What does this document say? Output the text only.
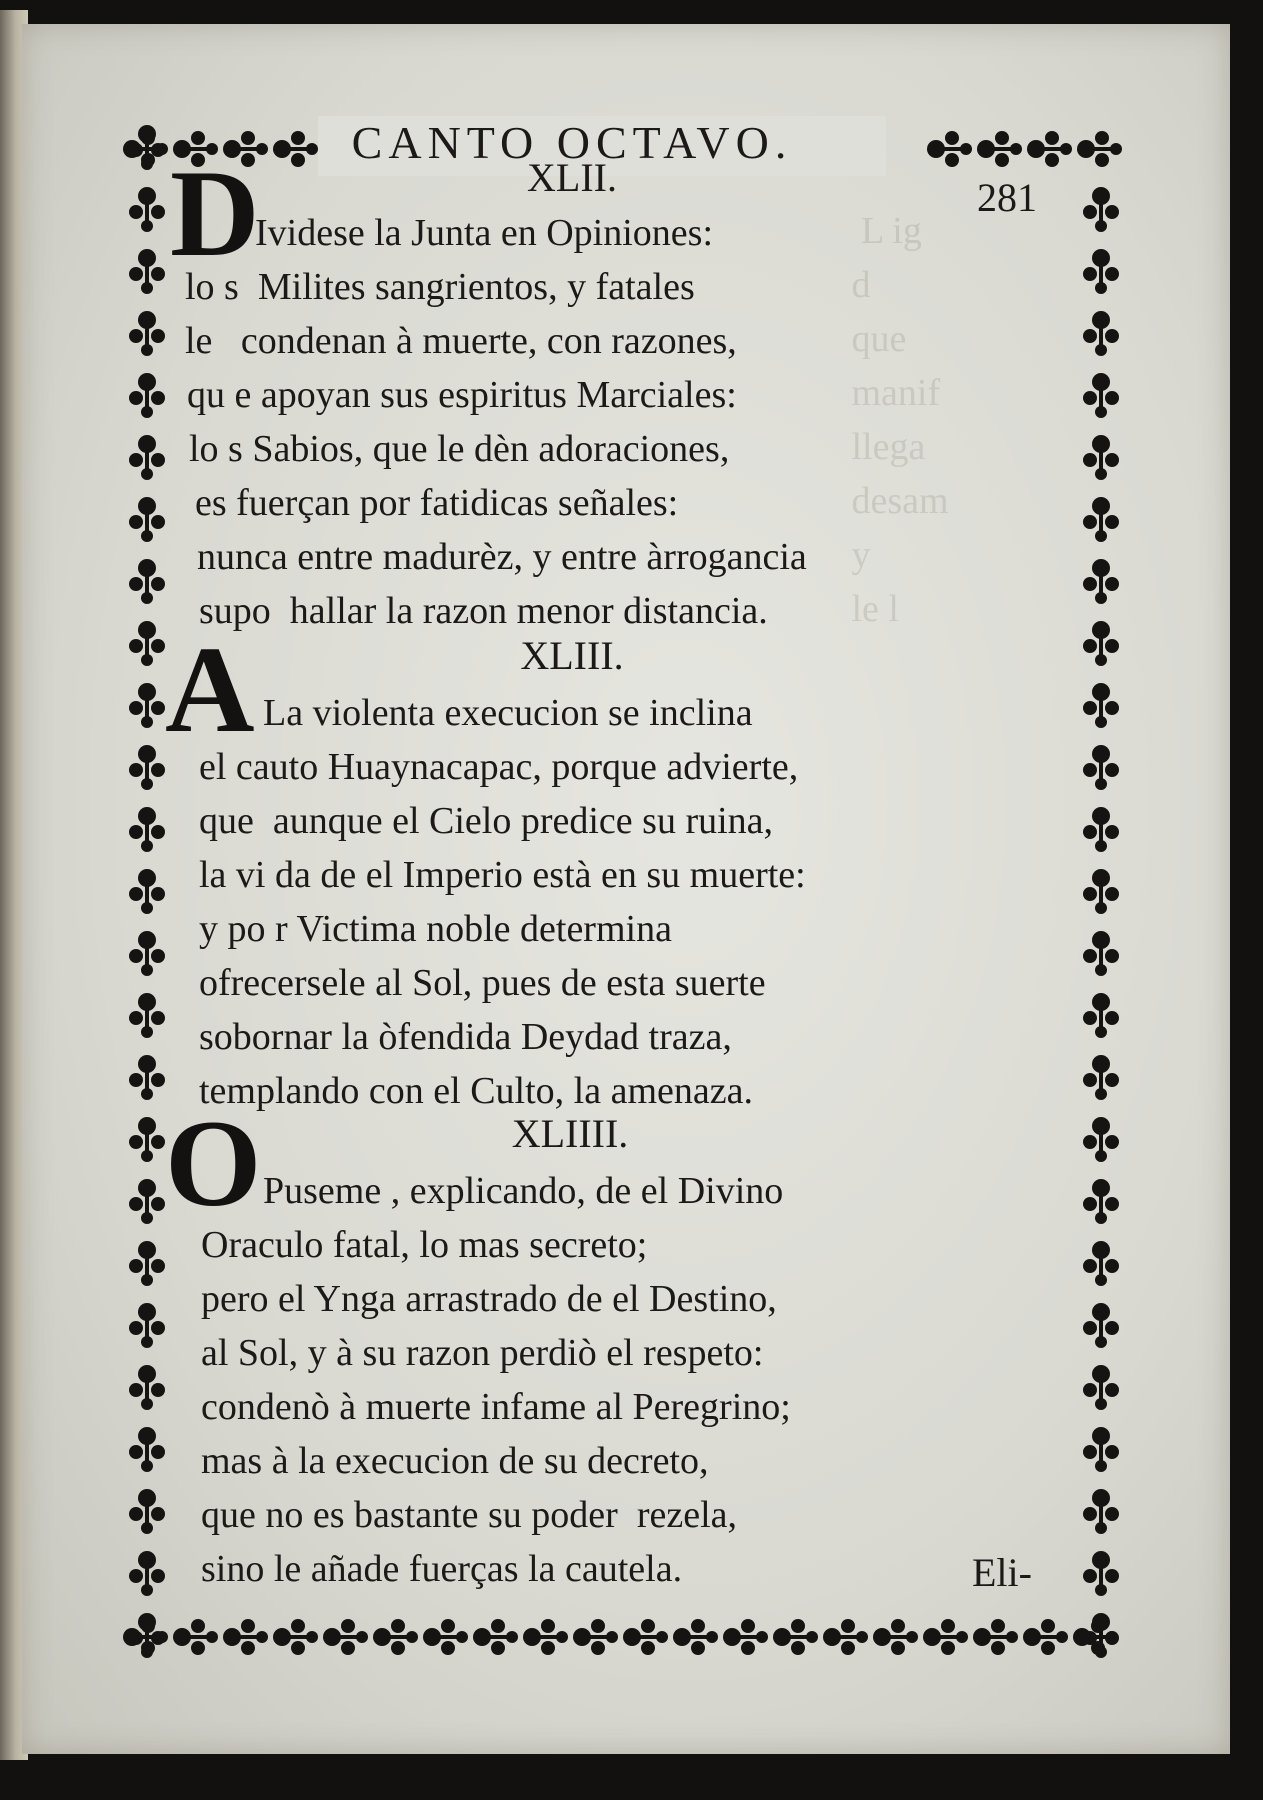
CANTO OCTAVO.
281
L ig
d
que
manif
llega
desam
y
le l
XLII.
D
Ividese la Junta en Opiniones:
lo s  Milites sangrientos, y fatales
le   condenan à muerte, con razones,
qu e apoyan sus espiritus Marciales:
lo s Sabios, que le dèn adoraciones,
es fuerçan por fatidicas señales:
nunca entre madurèz, y entre àrrogancia
supo  hallar la razon menor distancia.
XLIII.
A La violenta execucion se inclina
el cauto Huaynacapac, porque advierte,
que  aunque el Cielo predice su ruina,
la vi da de el Imperio està en su muerte:
y po r Victima noble determina
ofrecersele al Sol, pues de esta suerte
sobornar la òfendida Deydad traza,
templando con el Culto, la amenaza.
XLIIII.
O Puseme , explicando, de el Divino
Oraculo fatal, lo mas secreto;
pero el Ynga arrastrado de el Destino,
al Sol, y à su razon perdiò el respeto:
condenò à muerte infame al Peregrino;
mas à la execucion de su decreto,
que no es bastante su poder  rezela,
sino le añade fuerças la cautela.	Eli-
